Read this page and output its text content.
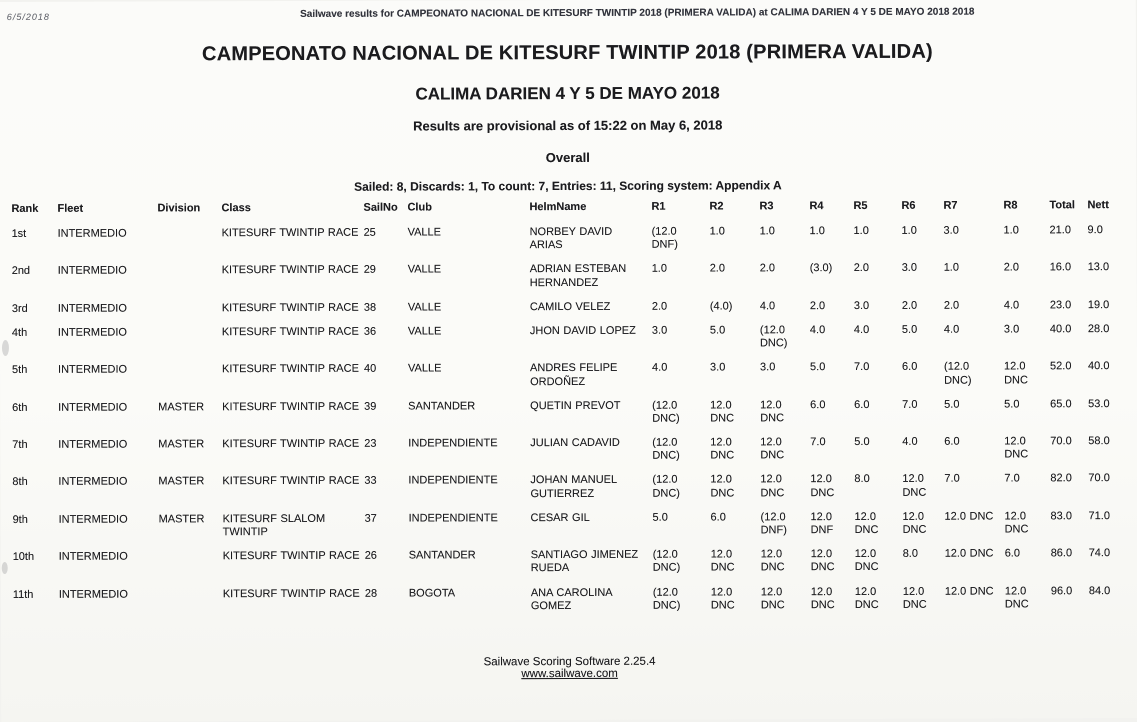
6/5/2018	Sailwave results for CAMPEONATO NACIONAL DE KITESURF TWINTIP 2018 (PRIMERA VALIDA) at CALIMA DARIEN 4 Y 5 DE MAYO 2018 2018
CAMPEONATO NACIONAL DE KITESURF TWINTIP 2018 (PRIMERA VALIDA)
CALIMA DARIEN 4 Y 5 DE MAYO 2018
Results are provisional as of 15:22 on May 6, 2018
Overall
Sailed: 8, Discards: 1, To count: 7, Entries: 11, Scoring system: Appendix A
Rank	Fleet	Division	Class	SailNo	Club	HelmName	R1	R2	R3	R4	R5	R6	R7	R8	Total	Nett
1st	INTERMEDIO		KITESURF TWINTIP RACE	25	VALLE	NORBEY DAVID ARIAS	(12.0 DNF)	1.0	1.0	1.0	1.0	1.0	3.0	1.0	21.0	9.0
2nd	INTERMEDIO		KITESURF TWINTIP RACE	29	VALLE	ADRIAN ESTEBAN HERNANDEZ	1.0	2.0	2.0	(3.0)	2.0	3.0	1.0	2.0	16.0	13.0
3rd	INTERMEDIO		KITESURF TWINTIP RACE	38	VALLE	CAMILO VELEZ	2.0	(4.0)	4.0	2.0	3.0	2.0	2.0	4.0	23.0	19.0
4th	INTERMEDIO		KITESURF TWINTIP RACE	36	VALLE	JHON DAVID LOPEZ	3.0	5.0	(12.0 DNC)	4.0	4.0	5.0	4.0	3.0	40.0	28.0
5th	INTERMEDIO		KITESURF TWINTIP RACE	40	VALLE	ANDRES FELIPE ORDOÑEZ	4.0	3.0	3.0	5.0	7.0	6.0	(12.0 DNC)	12.0 DNC	52.0	40.0
6th	INTERMEDIO	MASTER	KITESURF TWINTIP RACE	39	SANTANDER	QUETIN PREVOT	(12.0 DNC)	12.0 DNC	12.0 DNC	6.0	6.0	7.0	5.0	5.0	65.0	53.0
7th	INTERMEDIO	MASTER	KITESURF TWINTIP RACE	23	INDEPENDIENTE	JULIAN CADAVID	(12.0 DNC)	12.0 DNC	12.0 DNC	7.0	5.0	4.0	6.0	12.0 DNC	70.0	58.0
8th	INTERMEDIO	MASTER	KITESURF TWINTIP RACE	33	INDEPENDIENTE	JOHAN MANUEL GUTIERREZ	(12.0 DNC)	12.0 DNC	12.0 DNC	12.0 DNC	8.0	12.0 DNC	7.0	7.0	82.0	70.0
9th	INTERMEDIO	MASTER	KITESURF SLALOM TWINTIP	37	INDEPENDIENTE	CESAR GIL	5.0	6.0	(12.0 DNF)	12.0 DNF	12.0 DNC	12.0 DNC	12.0 DNC	12.0 DNC	83.0	71.0
10th	INTERMEDIO		KITESURF TWINTIP RACE	26	SANTANDER	SANTIAGO JIMENEZ RUEDA	(12.0 DNC)	12.0 DNC	12.0 DNC	12.0 DNC	12.0 DNC	8.0	12.0 DNC	6.0	86.0	74.0
11th	INTERMEDIO		KITESURF TWINTIP RACE	28	BOGOTA	ANA CAROLINA GOMEZ	(12.0 DNC)	12.0 DNC	12.0 DNC	12.0 DNC	12.0 DNC	12.0 DNC	12.0 DNC	12.0 DNC	96.0	84.0
Sailwave Scoring Software 2.25.4
www.sailwave.com
